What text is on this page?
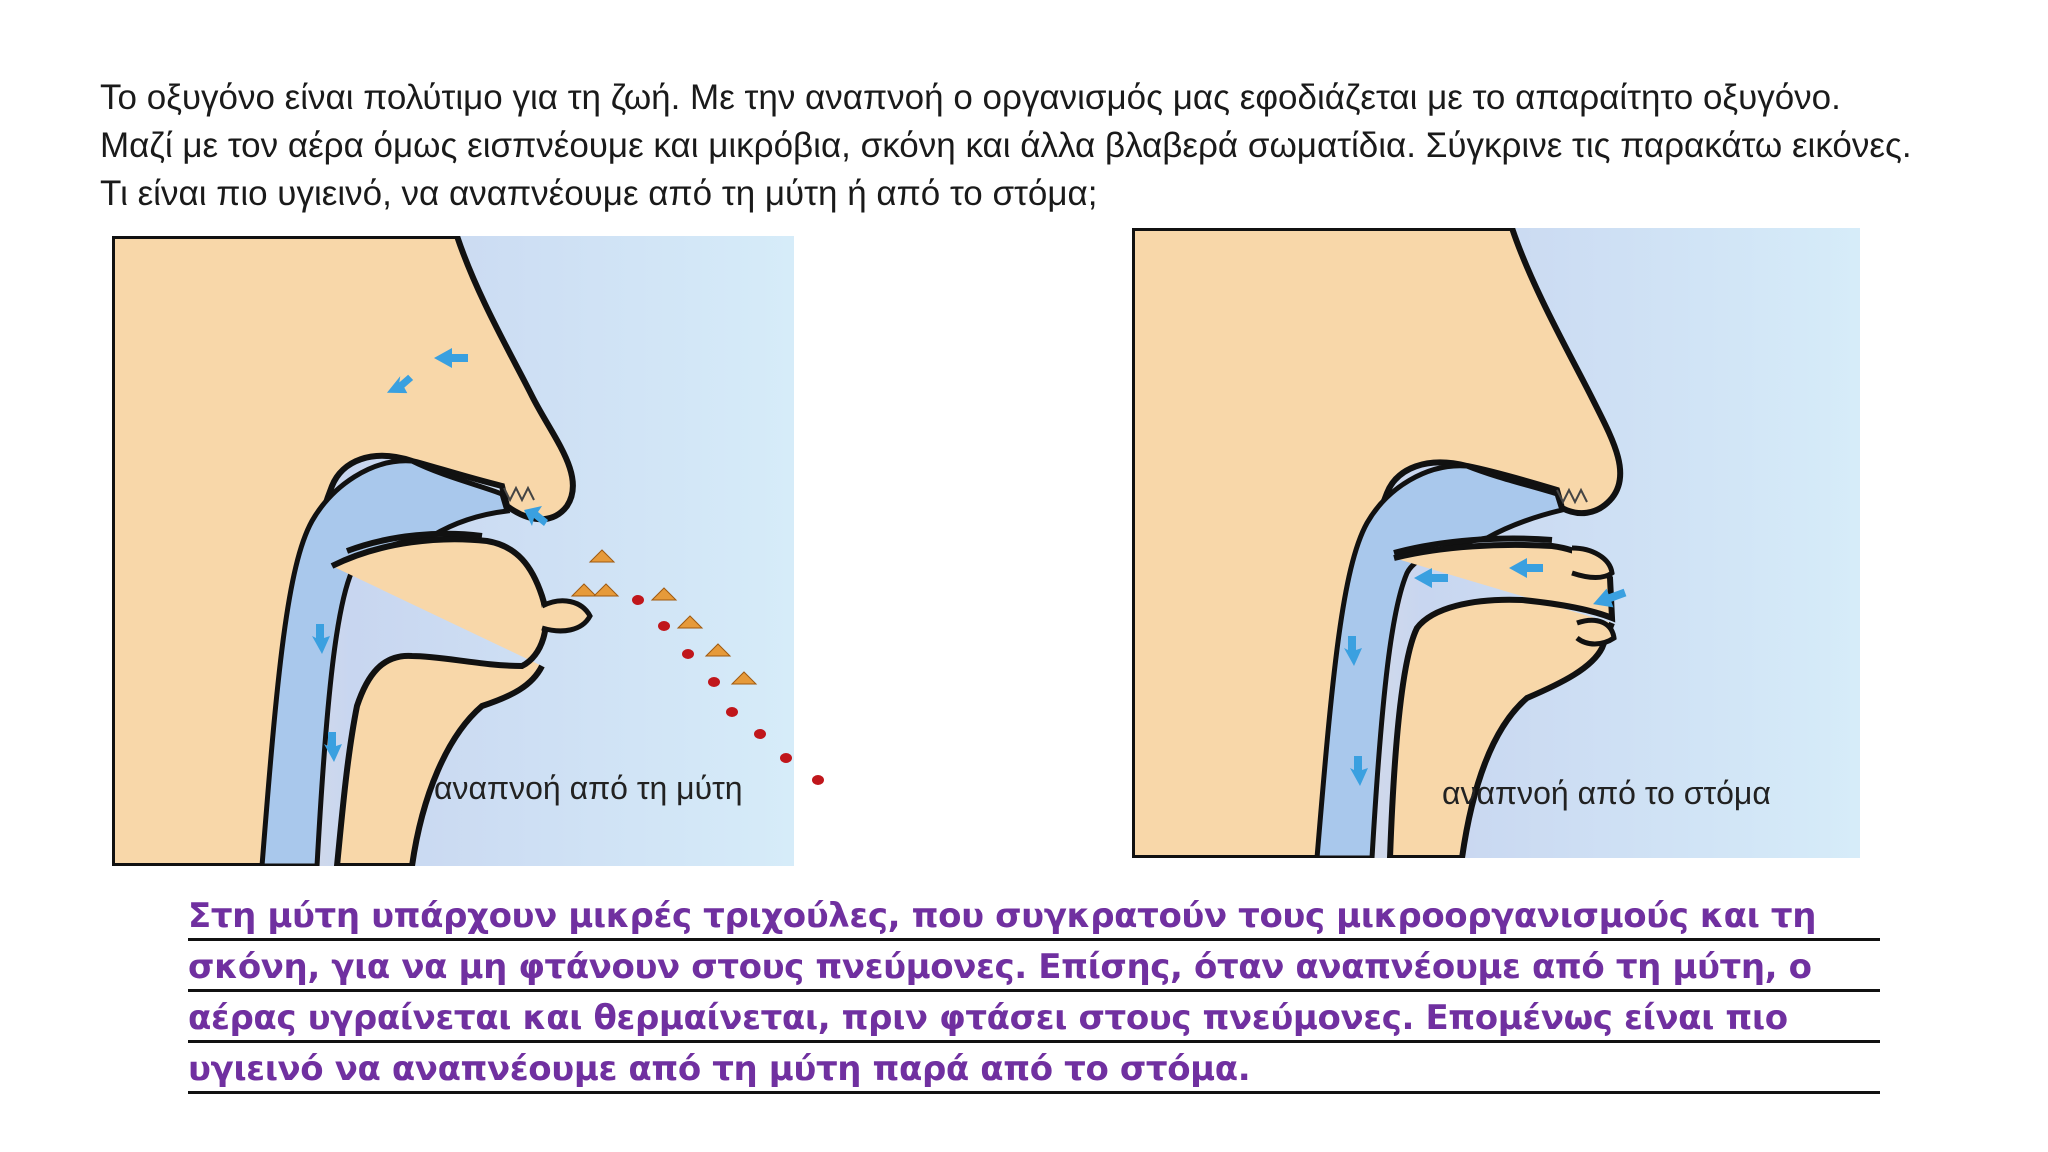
Το οξυγόνο είναι πολύτιμο για τη ζωή. Με την αναπνοή ο οργανισμός μας εφοδιάζεται με το απαραίτητο οξυγόνο. Μαζί με τον αέρα όμως εισπνέουμε και μικρόβια, σκόνη και άλλα βλαβερά σωματίδια. Σύγκρινε τις παρακάτω εικόνες. Τι είναι πιο υγιεινό, να αναπνέουμε από τη μύτη ή από το στόμα;

αναπνοή από τη μύτη	αναπνοή από το στόμα
Στη μύτη υπάρχουν μικρές τριχούλες, που συγκρατούν τους μικροοργανισμούς και τη
σκόνη, για να μη φτάνουν στους πνεύμονες. Επίσης, όταν αναπνέουμε από τη μύτη, ο
αέρας υγραίνεται και θερμαίνεται, πριν φτάσει στους πνεύμονες. Επομένως είναι πιο
υγιεινό να αναπνέουμε από τη μύτη παρά από το στόμα.
